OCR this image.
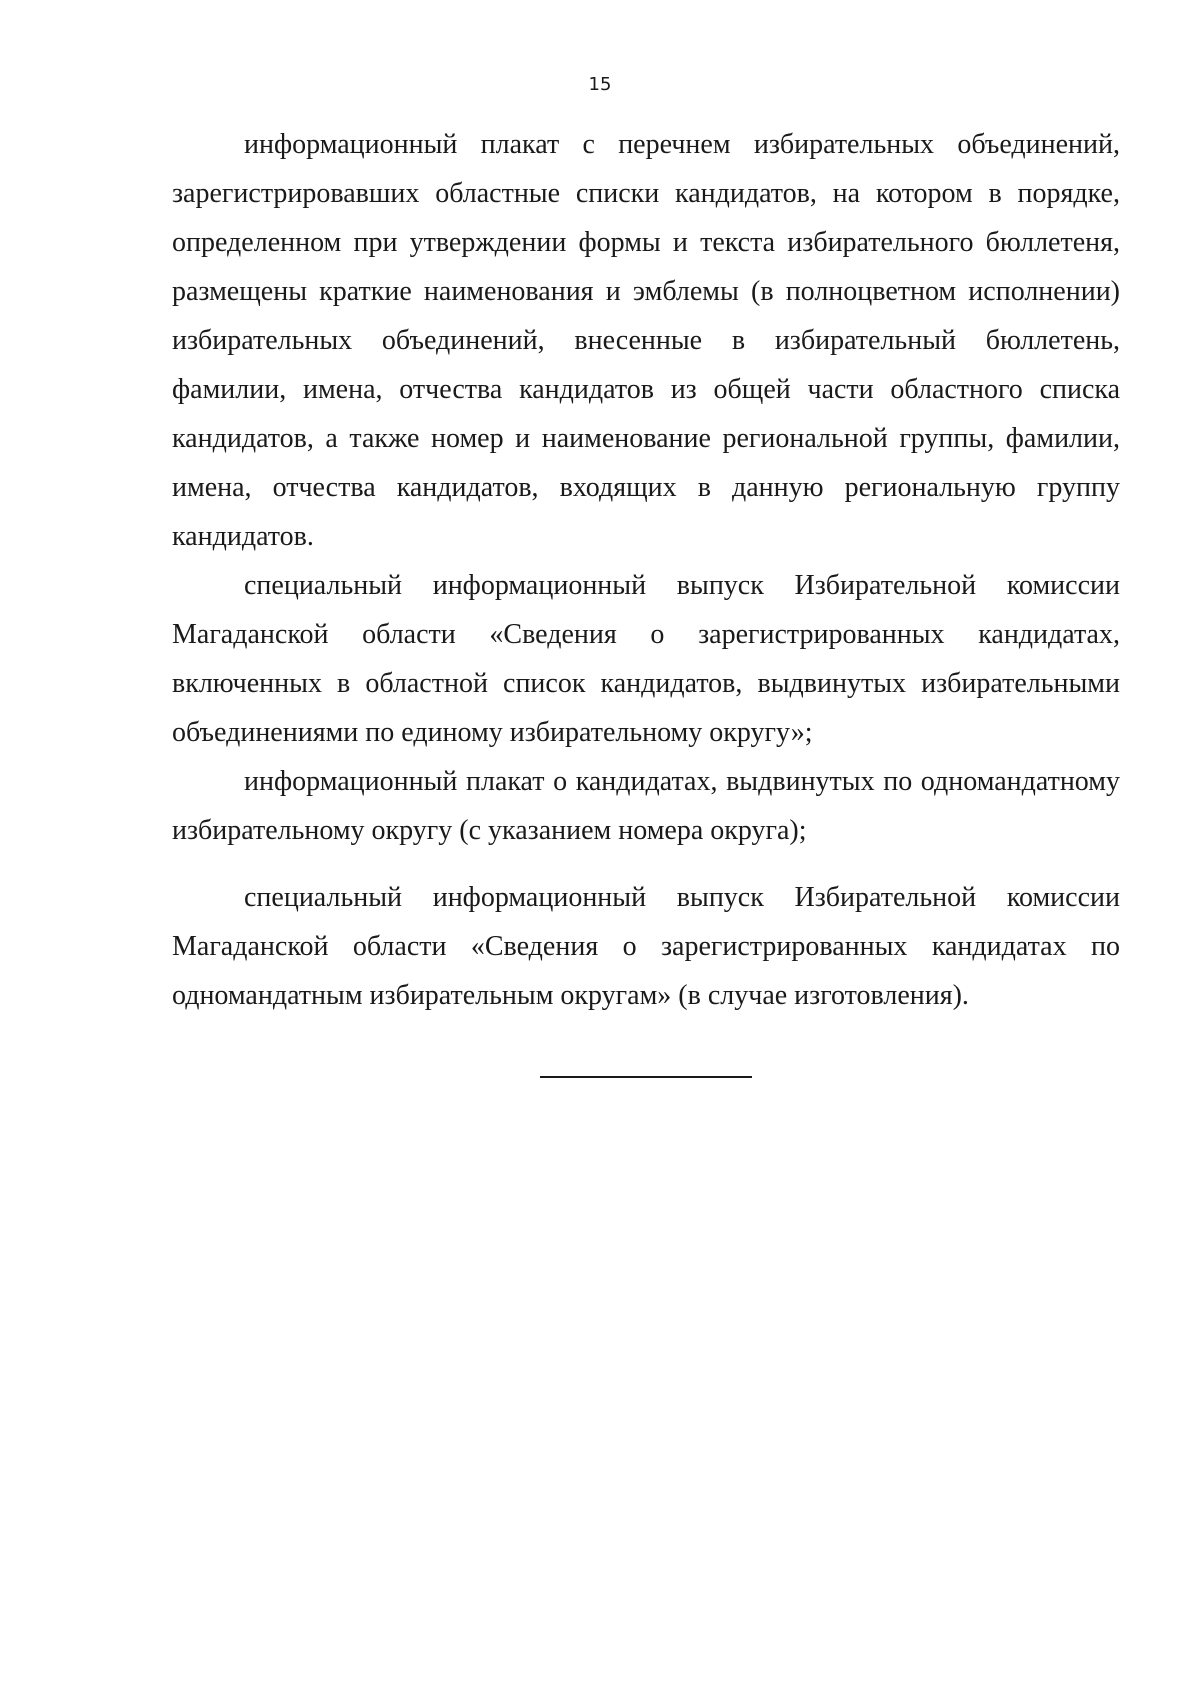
15

информационный плакат с перечнем избирательных объединений, зарегистрировавших областные списки кандидатов, на котором в порядке, определенном при утверждении формы и текста избирательного бюллетеня, размещены краткие наименования и эмблемы (в полноцветном исполнении) избирательных объединений, внесенные в избирательный бюллетень, фамилии, имена, отчества кандидатов из общей части областного списка кандидатов, а также номер и наименование региональной группы, фамилии, имена, отчества кандидатов, входящих в данную региональную группу кандидатов.

специальный информационный выпуск Избирательной комиссии Магаданской области «Сведения о зарегистрированных кандидатах, включенных в областной список кандидатов, выдвинутых избирательными объединениями по единому избирательному округу»;

информационный плакат о кандидатах, выдвинутых по одномандатному избирательному округу (с указанием номера округа);

специальный информационный выпуск Избирательной комиссии Магаданской области «Сведения о зарегистрированных кандидатах по одномандатным избирательным округам» (в случае изготовления).
